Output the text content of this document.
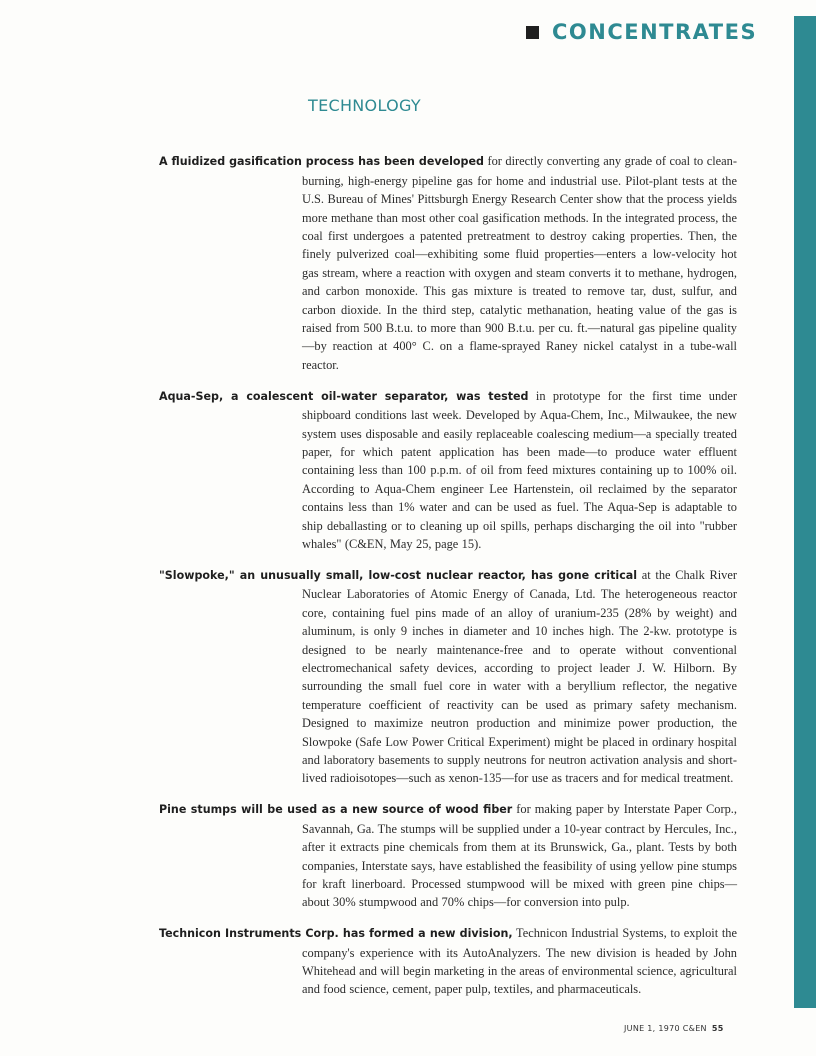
CONCENTRATES
TECHNOLOGY

A fluidized gasification process has been developed for directly converting any grade of coal to clean-burning, high-energy pipeline gas for home and industrial use. Pilot-plant tests at the U.S. Bureau of Mines' Pittsburgh Energy Research Center show that the process yields more methane than most other coal gasification methods. In the integrated process, the coal first undergoes a patented pretreatment to destroy caking properties. Then, the finely pulverized coal—exhibiting some fluid properties—enters a low-velocity hot gas stream, where a reaction with oxygen and steam converts it to methane, hydrogen, and carbon monoxide. This gas mixture is treated to remove tar, dust, sulfur, and carbon dioxide. In the third step, catalytic methanation, heating value of the gas is raised from 500 B.t.u. to more than 900 B.t.u. per cu. ft.—natural gas pipeline quality—by reaction at 400° C. on a flame-sprayed Raney nickel catalyst in a tube-wall reactor.

Aqua-Sep, a coalescent oil-water separator, was tested in prototype for the first time under shipboard conditions last week. Developed by Aqua-Chem, Inc., Milwaukee, the new system uses disposable and easily replaceable coalescing medium—a specially treated paper, for which patent application has been made—to produce water effluent containing less than 100 p.p.m. of oil from feed mixtures containing up to 100% oil. According to Aqua-Chem engineer Lee Hartenstein, oil reclaimed by the separator contains less than 1% water and can be used as fuel. The Aqua-Sep is adaptable to ship deballasting or to cleaning up oil spills, perhaps discharging the oil into "rubber whales" (C&EN, May 25, page 15).

"Slowpoke," an unusually small, low-cost nuclear reactor, has gone critical at the Chalk River Nuclear Laboratories of Atomic Energy of Canada, Ltd. The heterogeneous reactor core, containing fuel pins made of an alloy of uranium-235 (28% by weight) and aluminum, is only 9 inches in diameter and 10 inches high. The 2-kw. prototype is designed to be nearly maintenance-free and to operate without conventional electromechanical safety devices, according to project leader J. W. Hilborn. By surrounding the small fuel core in water with a beryllium reflector, the negative temperature coefficient of reactivity can be used as primary safety mechanism. Designed to maximize neutron production and minimize power production, the Slowpoke (Safe Low Power Critical Experiment) might be placed in ordinary hospital and laboratory basements to supply neutrons for neutron activation analysis and short-lived radioisotopes—such as xenon-135—for use as tracers and for medical treatment.

Pine stumps will be used as a new source of wood fiber for making paper by Interstate Paper Corp., Savannah, Ga. The stumps will be supplied under a 10-year contract by Hercules, Inc., after it extracts pine chemicals from them at its Brunswick, Ga., plant. Tests by both companies, Interstate says, have established the feasibility of using yellow pine stumps for kraft linerboard. Processed stumpwood will be mixed with green pine chips—about 30% stumpwood and 70% chips—for conversion into pulp.

Technicon Instruments Corp. has formed a new division, Technicon Industrial Systems, to exploit the company's experience with its AutoAnalyzers. The new division is headed by John Whitehead and will begin marketing in the areas of environmental science, agricultural and food science, cement, paper pulp, textiles, and pharmaceuticals.

JUNE 1, 1970 C&EN 55
